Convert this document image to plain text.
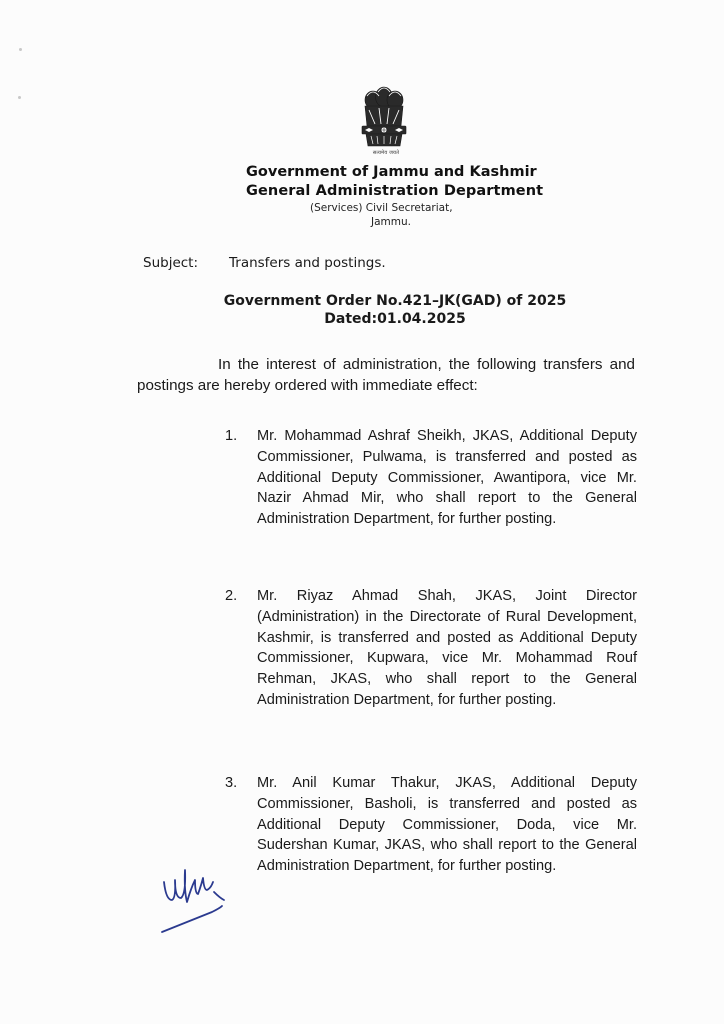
सत्यमेव जयते
Government of Jammu and Kashmir
General Administration Department
(Services) Civil Secretariat,
Jammu.
Subject: Transfers and postings.
Government Order No.421–JK(GAD) of 2025
Dated:01.04.2025

In the interest of administration, the following transfers and postings are hereby ordered with immediate effect:

1. Mr. Mohammad Ashraf Sheikh, JKAS, Additional Deputy Commissioner, Pulwama, is transferred and posted as Additional Deputy Commissioner, Awantipora, vice Mr. Nazir Ahmad Mir, who shall report to the General Administration Department, for further posting.
2. Mr. Riyaz Ahmad Shah, JKAS, Joint Director (Administration) in the Directorate of Rural Development, Kashmir, is transferred and posted as Additional Deputy Commissioner, Kupwara, vice Mr. Mohammad Rouf Rehman, JKAS, who shall report to the General Administration Department, for further posting.
3. Mr. Anil Kumar Thakur, JKAS, Additional Deputy Commissioner, Basholi, is transferred and posted as Additional Deputy Commissioner, Doda, vice Mr. Sudershan Kumar, JKAS, who shall report to the General Administration Department, for further posting.
